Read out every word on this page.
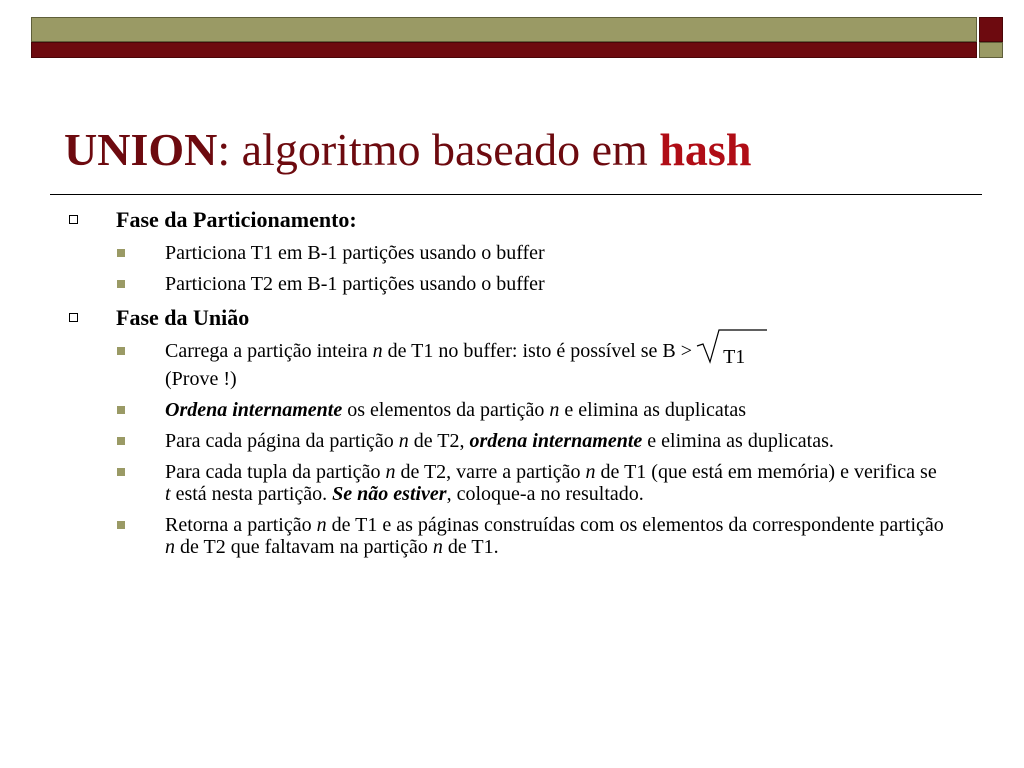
UNION: algoritmo baseado em hash
Fase da Particionamento:
Particiona T1 em B-1 partições usando o buffer
Particiona T2 em B-1 partições usando o buffer
Fase da União
Carrega a partição inteira n de T1 no buffer: isto é possível se B >
T1
(Prove !)
Ordena internamente os elementos da partição n e elimina as duplicatas
Para cada página da partição n de T2, ordena internamente e elimina as duplicatas.
Para cada tupla da partição n de T2, varre a partição n de T1 (que está em memória) e verifica se t está nesta partição. Se não estiver, coloque-a no resultado.
Retorna a partição n de T1 e as páginas construídas com os elementos da correspondente partição n de T2 que faltavam na partição n de T1.
